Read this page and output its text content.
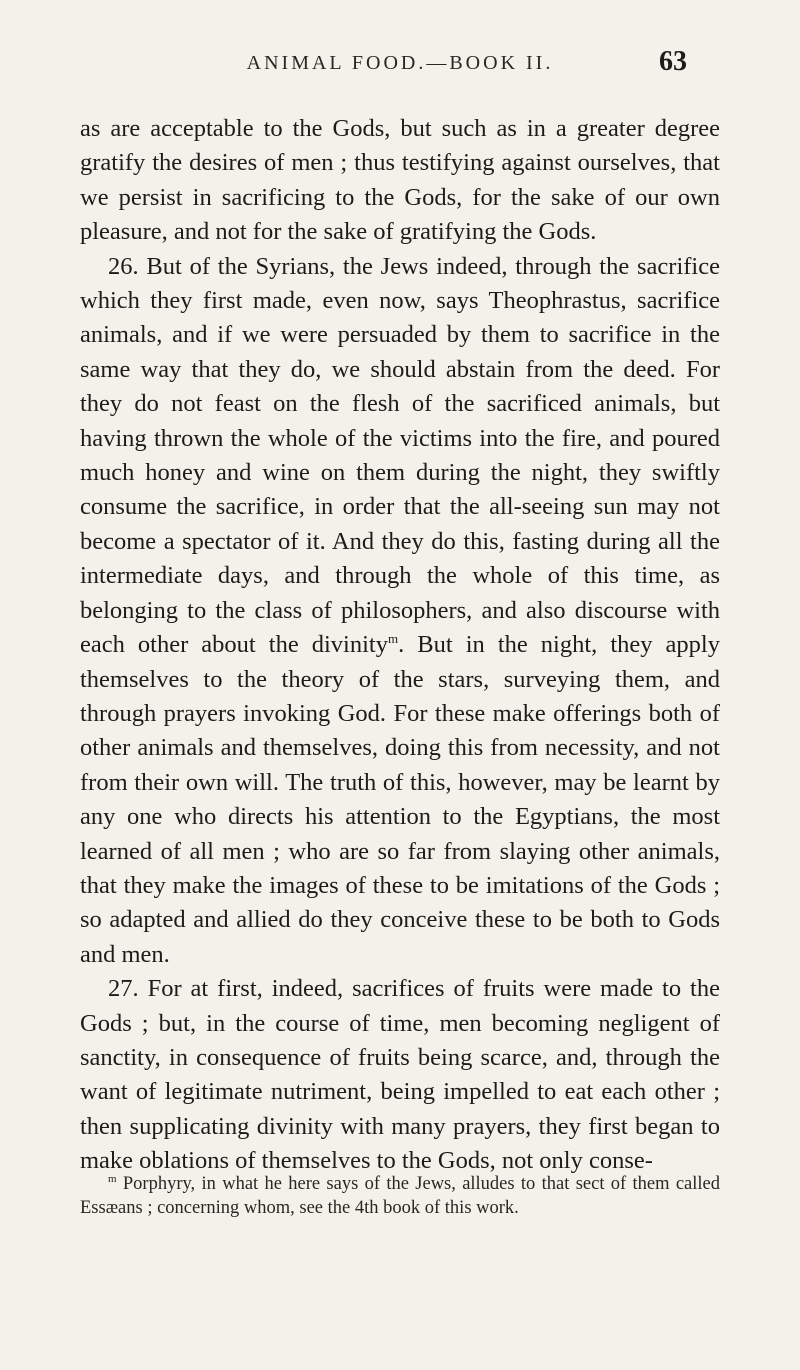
ANIMAL FOOD.—BOOK II.	63

as are acceptable to the Gods, but such as in a greater degree gratify the desires of men ; thus testifying against ourselves, that we persist in sacrificing to the Gods, for the sake of our own pleasure, and not for the sake of gratifying the Gods.

26. But of the Syrians, the Jews indeed, through the sacrifice which they first made, even now, says Theophrastus, sacrifice animals, and if we were persuaded by them to sacrifice in the same way that they do, we should abstain from the deed. For they do not feast on the flesh of the sacrificed animals, but having thrown the whole of the victims into the fire, and poured much honey and wine on them during the night, they swiftly consume the sacrifice, in order that the all-seeing sun may not become a spectator of it. And they do this, fasting during all the intermediate days, and through the whole of this time, as belonging to the class of philosophers, and also discourse with each other about the divinity$^m$. But in the night, they apply themselves to the theory of the stars, surveying them, and through prayers invoking God. For these make offerings both of other animals and themselves, doing this from necessity, and not from their own will. The truth of this, however, may be learnt by any one who directs his attention to the Egyptians, the most learned of all men ; who are so far from slaying other animals, that they make the images of these to be imitations of the Gods ; so adapted and allied do they conceive these to be both to Gods and men.

27. For at first, indeed, sacrifices of fruits were made to the Gods ; but, in the course of time, men becoming negligent of sanctity, in consequence of fruits being scarce, and, through the want of legitimate nutriment, being impelled to eat each other ; then supplicating divinity with many prayers, they first began to make oblations of themselves to the Gods, not only conse-

$^m$ Porphyry, in what he here says of the Jews, alludes to that sect of them called Essæans ; concerning whom, see the 4th book of this work.
